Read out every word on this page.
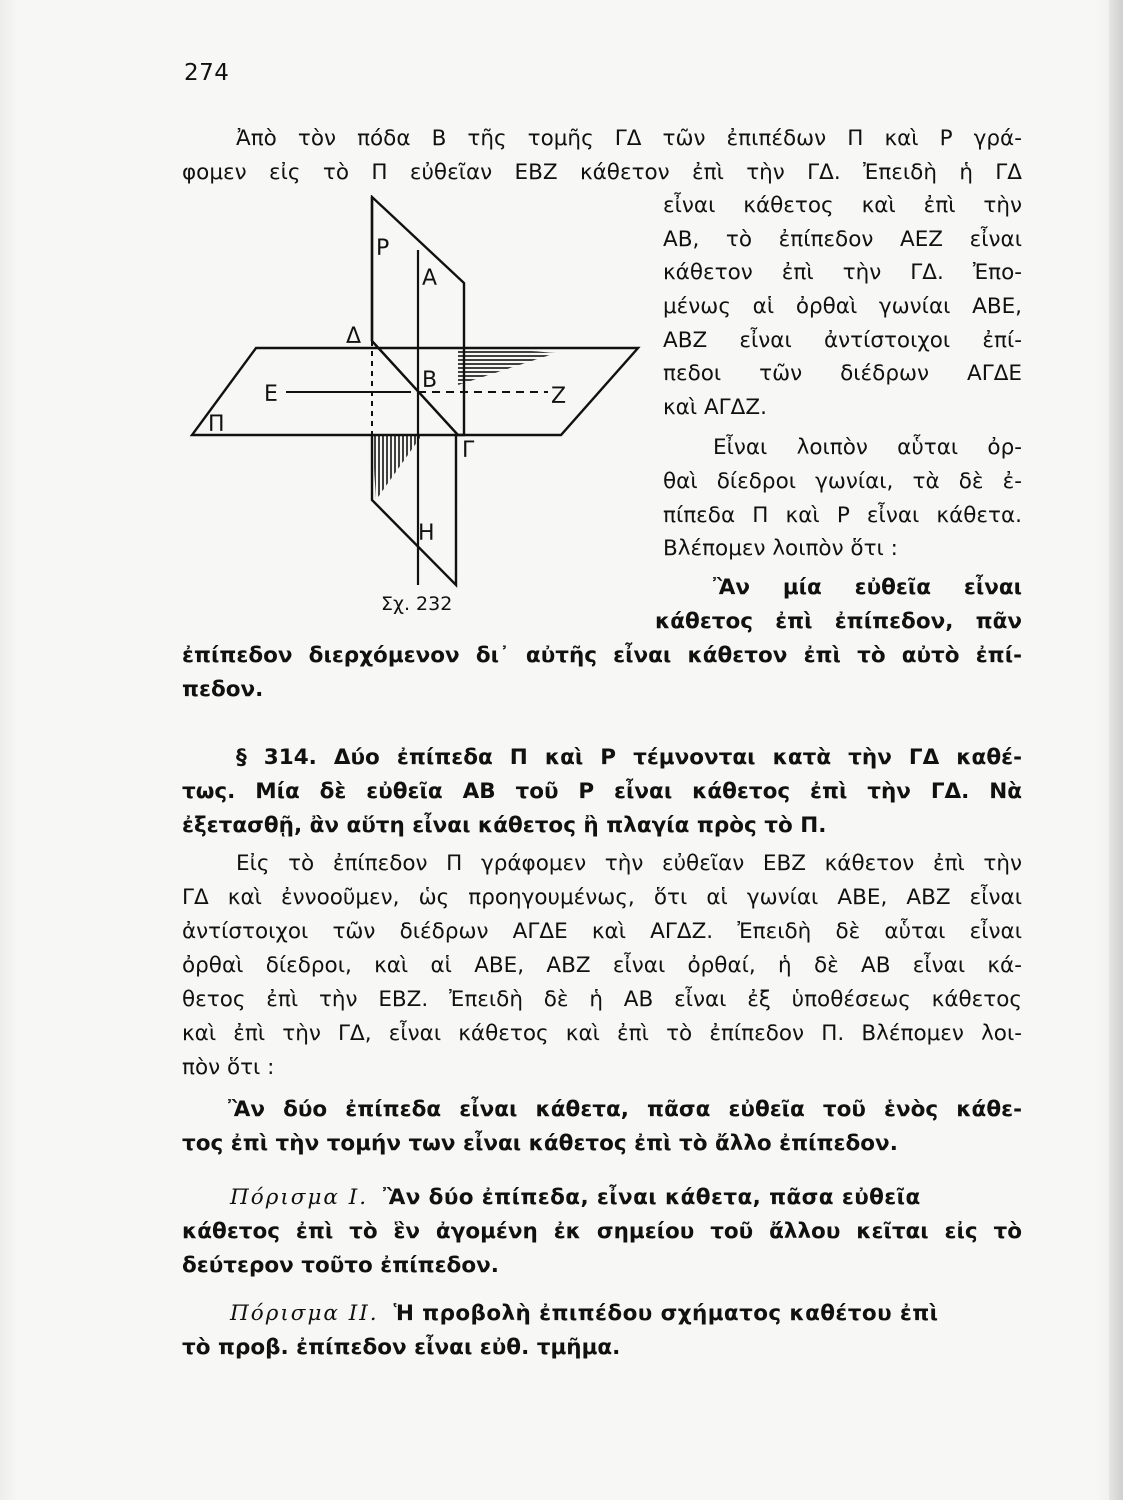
274
Ἀπὸ τὸν πόδα Β τῆς τομῆς ΓΔ τῶν ἐπιπέδων Π καὶ Ρ γρά-
φομεν εἰς τὸ Π εὐθεῖαν ΕΒΖ κάθετον ἐπὶ τὴν ΓΔ. Ἐπειδὴ ἡ ΓΔ
εἶναι κάθετος καὶ ἐπὶ τὴν
ΑΒ, τὸ ἐπίπεδον ΑΕΖ εἶναι
κάθετον ἐπὶ τὴν ΓΔ. Ἐπο-
μένως αἱ ὀρθαὶ γωνίαι ΑΒΕ,
ΑΒΖ εἶναι ἀντίστοιχοι ἐπί-
πεδοι τῶν διέδρων ΑΓΔΕ
καὶ ΑΓΔΖ.
Εἶναι λοιπὸν αὗται ὀρ-
θαὶ δίεδροι γωνίαι, τὰ δὲ ἐ-
πίπεδα Π καὶ Ρ εἶναι κάθετα.
Βλέπομεν λοιπὸν ὅτι :
Ἂν μία εὐθεῖα εἶναι
κάθετος ἐπὶ ἐπίπεδον, πᾶν
ἐπίπεδον διερχόμενον δι᾽ αὐτῆς εἶναι κάθετον ἐπὶ τὸ αὐτὸ ἐπί-
πεδον.
Ρ
Α
Δ
Ε
Β
Ζ
Π
Γ
Η
Σχ. 232
§ 314. Δύο ἐπίπεδα Π καὶ Ρ τέμνονται κατὰ τὴν ΓΔ καθέ-
τως. Μία δὲ εὐθεῖα ΑΒ τοῦ Ρ εἶναι κάθετος ἐπὶ τὴν ΓΔ. Νὰ
ἐξετασθῇ, ἂν αὕτη εἶναι κάθετος ἢ πλαγία πρὸς τὸ Π.
Εἰς τὸ ἐπίπεδον Π γράφομεν τὴν εὐθεῖαν ΕΒΖ κάθετον ἐπὶ τὴν
ΓΔ καὶ ἐννοοῦμεν, ὡς προηγουμένως, ὅτι αἱ γωνίαι ΑΒΕ, ΑΒΖ εἶναι
ἀντίστοιχοι τῶν διέδρων ΑΓΔΕ καὶ ΑΓΔΖ. Ἐπειδὴ δὲ αὗται εἶναι
ὀρθαὶ δίεδροι, καὶ αἱ ΑΒΕ, ΑΒΖ εἶναι ὀρθαί, ἡ δὲ ΑΒ εἶναι κά-
θετος ἐπὶ τὴν ΕΒΖ. Ἐπειδὴ δὲ ἡ ΑΒ εἶναι ἐξ ὑποθέσεως κάθετος
καὶ ἐπὶ τὴν ΓΔ, εἶναι κάθετος καὶ ἐπὶ τὸ ἐπίπεδον Π. Βλέπομεν λοι-
πὸν ὅτι :
Ἂν δύο ἐπίπεδα εἶναι κάθετα, πᾶσα εὐθεῖα τοῦ ἑνὸς κάθε-
τος ἐπὶ τὴν τομήν των εἶναι κάθετος ἐπὶ τὸ ἄλλο ἐπίπεδον.
Πόρισμα Ι. Ἂν δύο ἐπίπεδα, εἶναι κάθετα, πᾶσα εὐθεῖα
κάθετος ἐπὶ τὸ ἓν ἀγομένη ἐκ σημείου τοῦ ἄλλου κεῖται εἰς τὸ
δεύτερον τοῦτο ἐπίπεδον.
Πόρισμα ΙΙ. Ἡ προβολὴ ἐπιπέδου σχήματος καθέτου ἐπὶ
τὸ προβ. ἐπίπεδον εἶναι εὐθ. τμῆμα.
